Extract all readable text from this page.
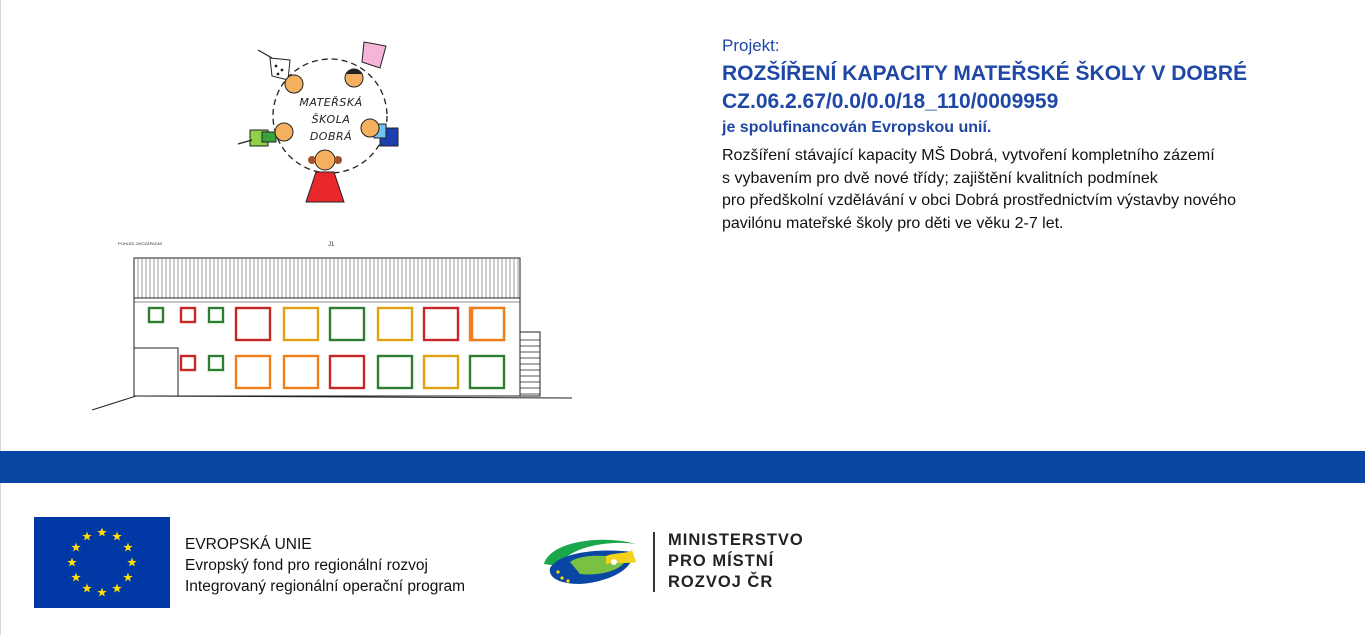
MATEŘSKÁ
ŠKOLA
DOBRÁ
POHLED JIHOZÁPADNÍ	J1
Projekt:
ROZŠÍŘENÍ KAPACITY MATEŘSKÉ ŠKOLY V DOBRÉ
CZ.06.2.67/0.0/0.0/18_110/0009959
je spolufinancován Evropskou unií.
Rozšíření stávající kapacity MŠ Dobrá, vytvoření kompletního zázemí
s vybavením pro dvě nové třídy; zajištění kvalitních podmínek
pro předškolní vzdělávání v obci Dobrá prostřednictvím výstavby nového
pavilónu mateřské školy pro děti ve věku 2-7 let.
EVROPSKÁ UNIE
Evropský fond pro regionální rozvoj
Integrovaný regionální operační program
MINISTERSTVO
PRO MÍSTNÍ
ROZVOJ ČR
